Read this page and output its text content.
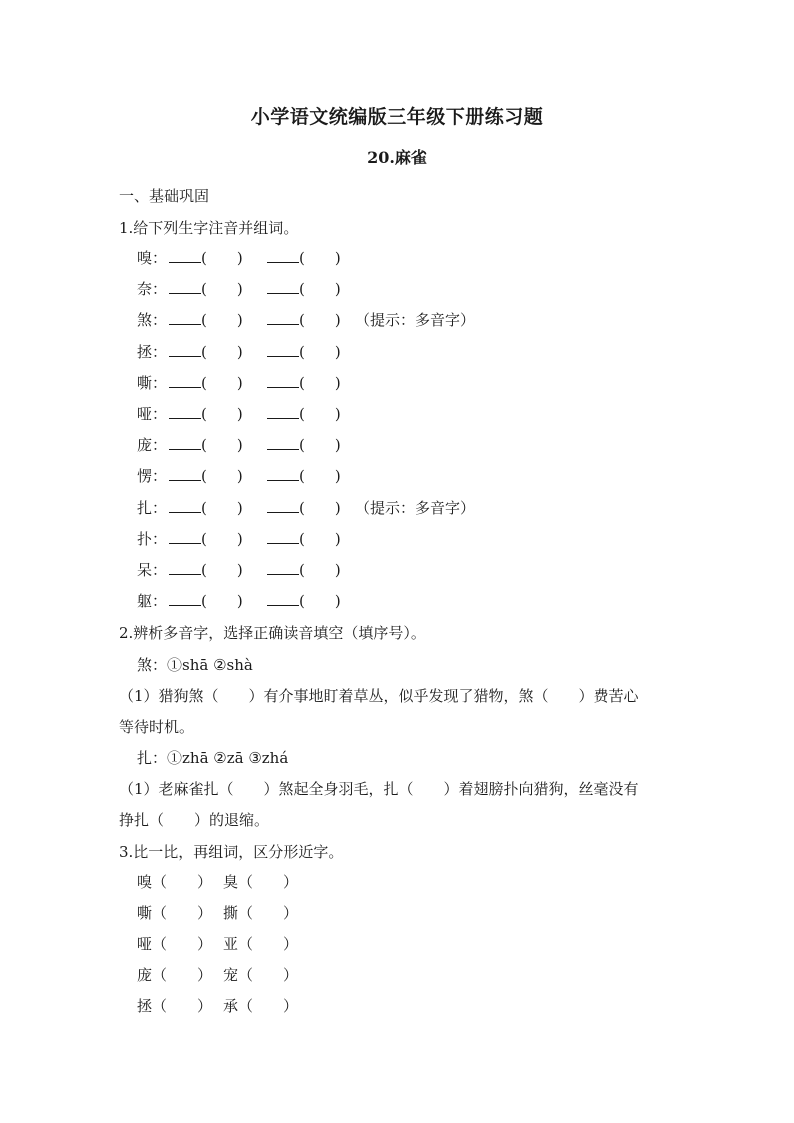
小学语文统编版三年级下册练习题
20.麻雀
一、基础巩固
1.给下列生字注音并组词。
嗅： (　　)	(　　)
奈： (　　)	(　　)
煞： (　　)	(　　) （提示：多音字）
拯： (　　)	(　　)
嘶： (　　)	(　　)
哑： (　　)	(　　)
庞： (　　)	(　　)
愣： (　　)	(　　)
扎： (　　)	(　　) （提示：多音字）
扑： (　　)	(　　)
呆： (　　)	(　　)
躯： (　　)	(　　)
2.辨析多音字，选择正确读音填空（填序号）。
煞：①shā ②shà
（1）猎狗煞（　　）有介事地盯着草丛，似乎发现了猎物，煞（　　）费苦心
等待时机。
扎：①zhā ②zā ③zhá
（1）老麻雀扎（　　）煞起全身羽毛，扎（　　）着翅膀扑向猎狗，丝毫没有
挣扎（　　）的退缩。
3.比一比，再组词，区分形近字。
嗅（　　） 臭（　　）
嘶（　　） 撕（　　）
哑（　　） 亚（　　）
庞（　　） 宠（　　）
拯（　　） 承（　　）
